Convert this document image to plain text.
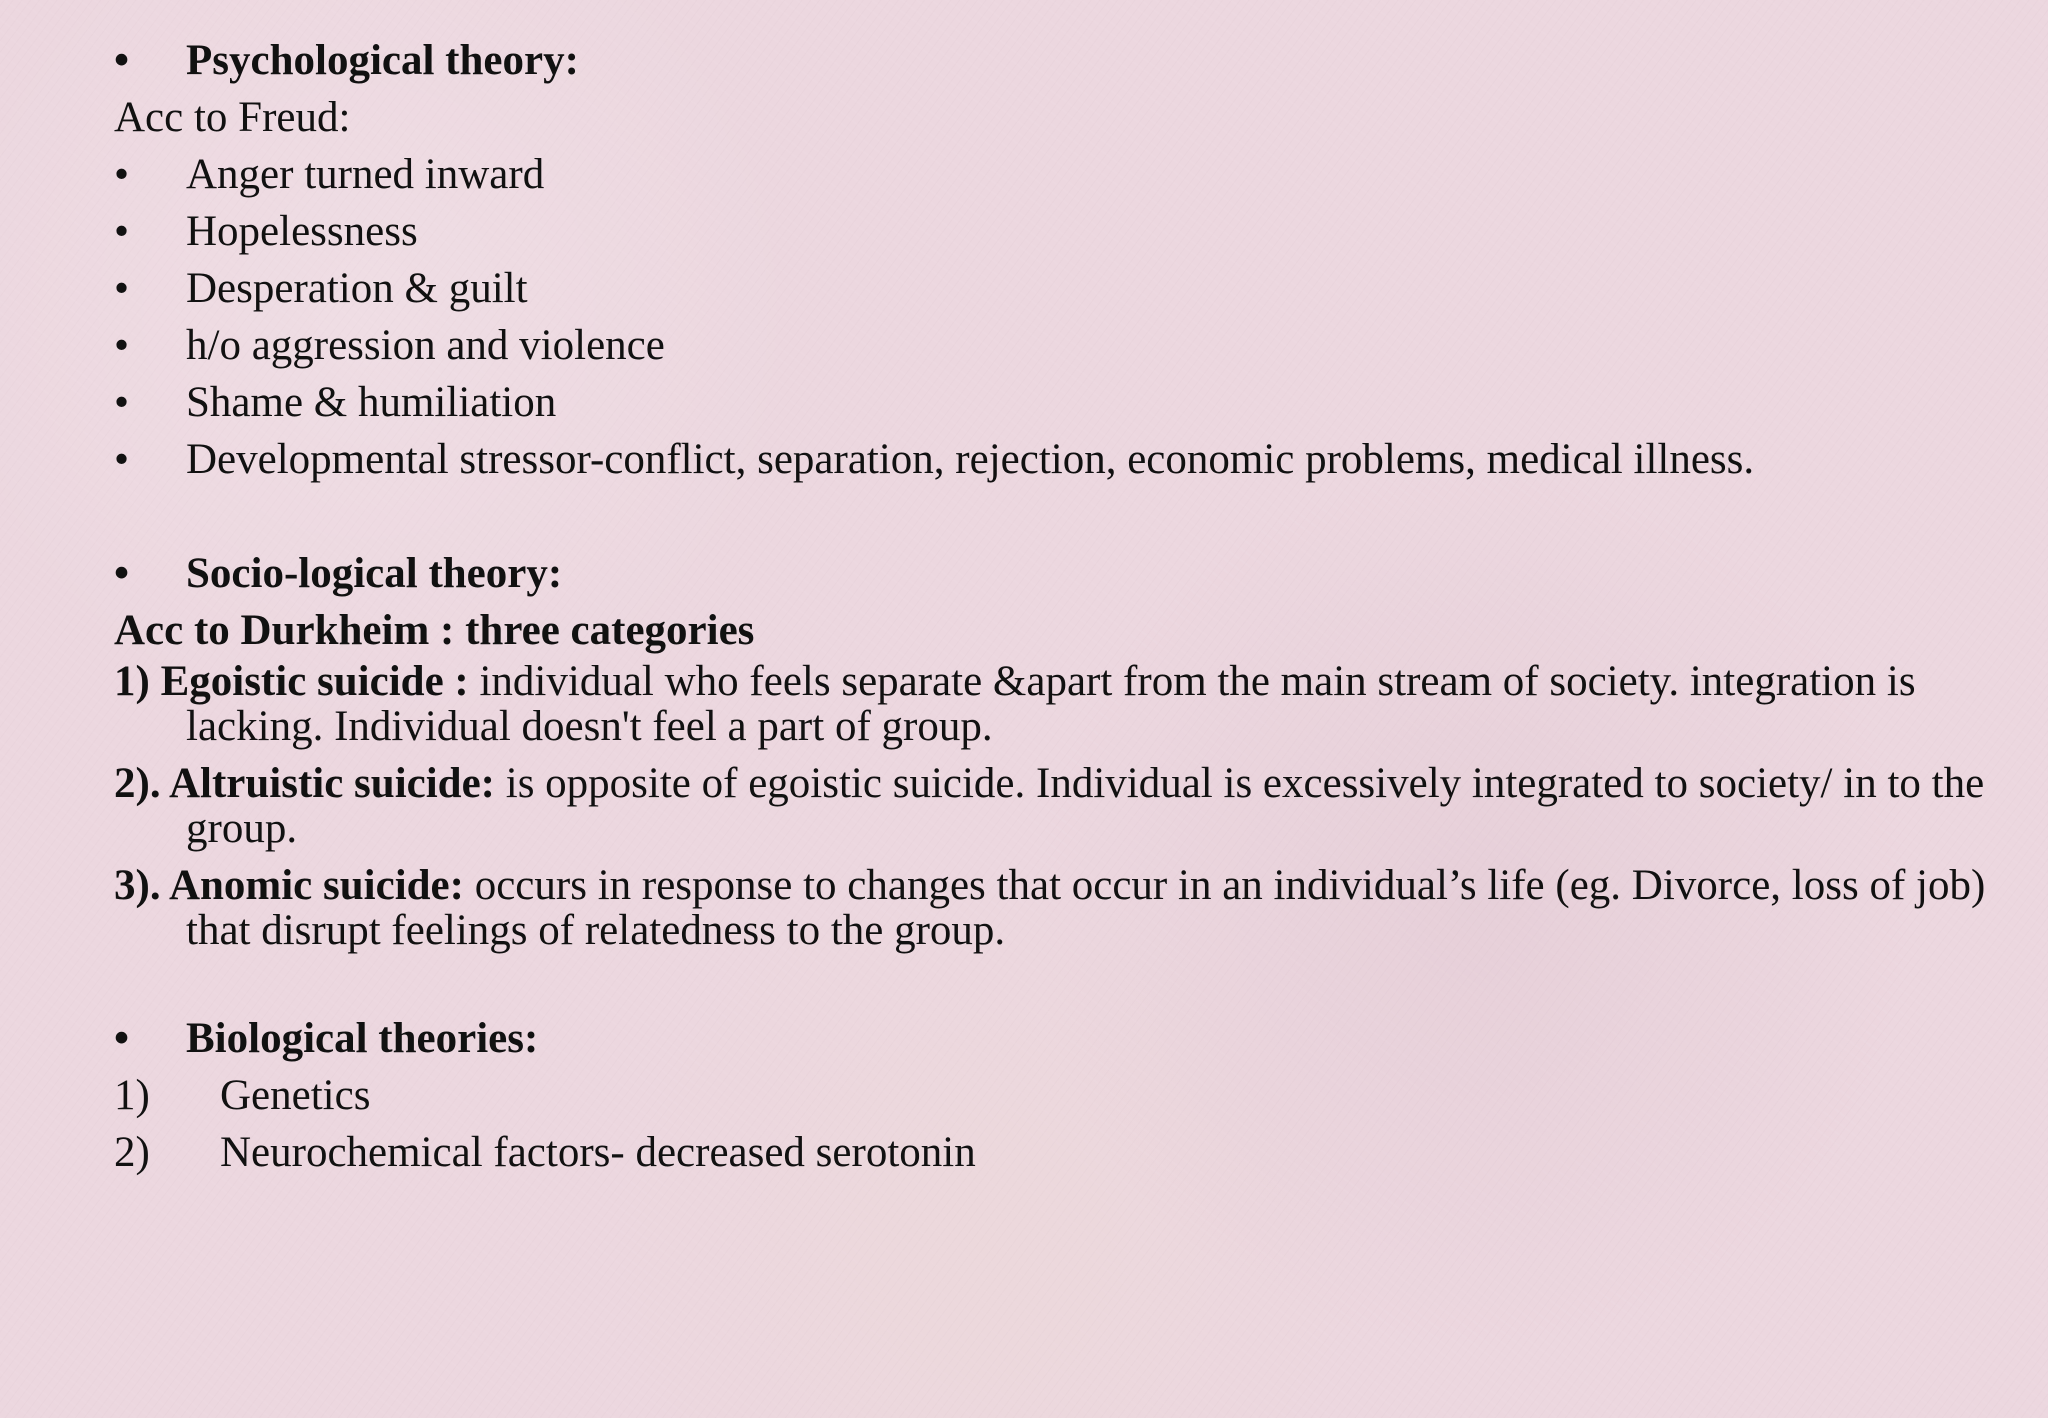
•	Psychological theory:
Acc to Freud:
•	Anger turned inward
•	Hopelessness
•	Desperation & guilt
•	h/o aggression and violence
•	Shame & humiliation
•	Developmental stressor-conflict, separation, rejection, economic problems, medical illness.
•	Socio-logical theory:
Acc to Durkheim : three categories
1) Egoistic suicide : individual who feels separate &apart from the main stream of society. integration is lacking. Individual doesn't feel a part of group.
2). Altruistic suicide: is opposite of egoistic suicide. Individual is excessively integrated to society/ in to the group.
3). Anomic suicide: occurs in response to changes that occur in an individual’s life (eg. Divorce, loss of job) that disrupt feelings of relatedness to the group.
•	Biological theories:
1)	Genetics
2)	Neurochemical factors- decreased serotonin
